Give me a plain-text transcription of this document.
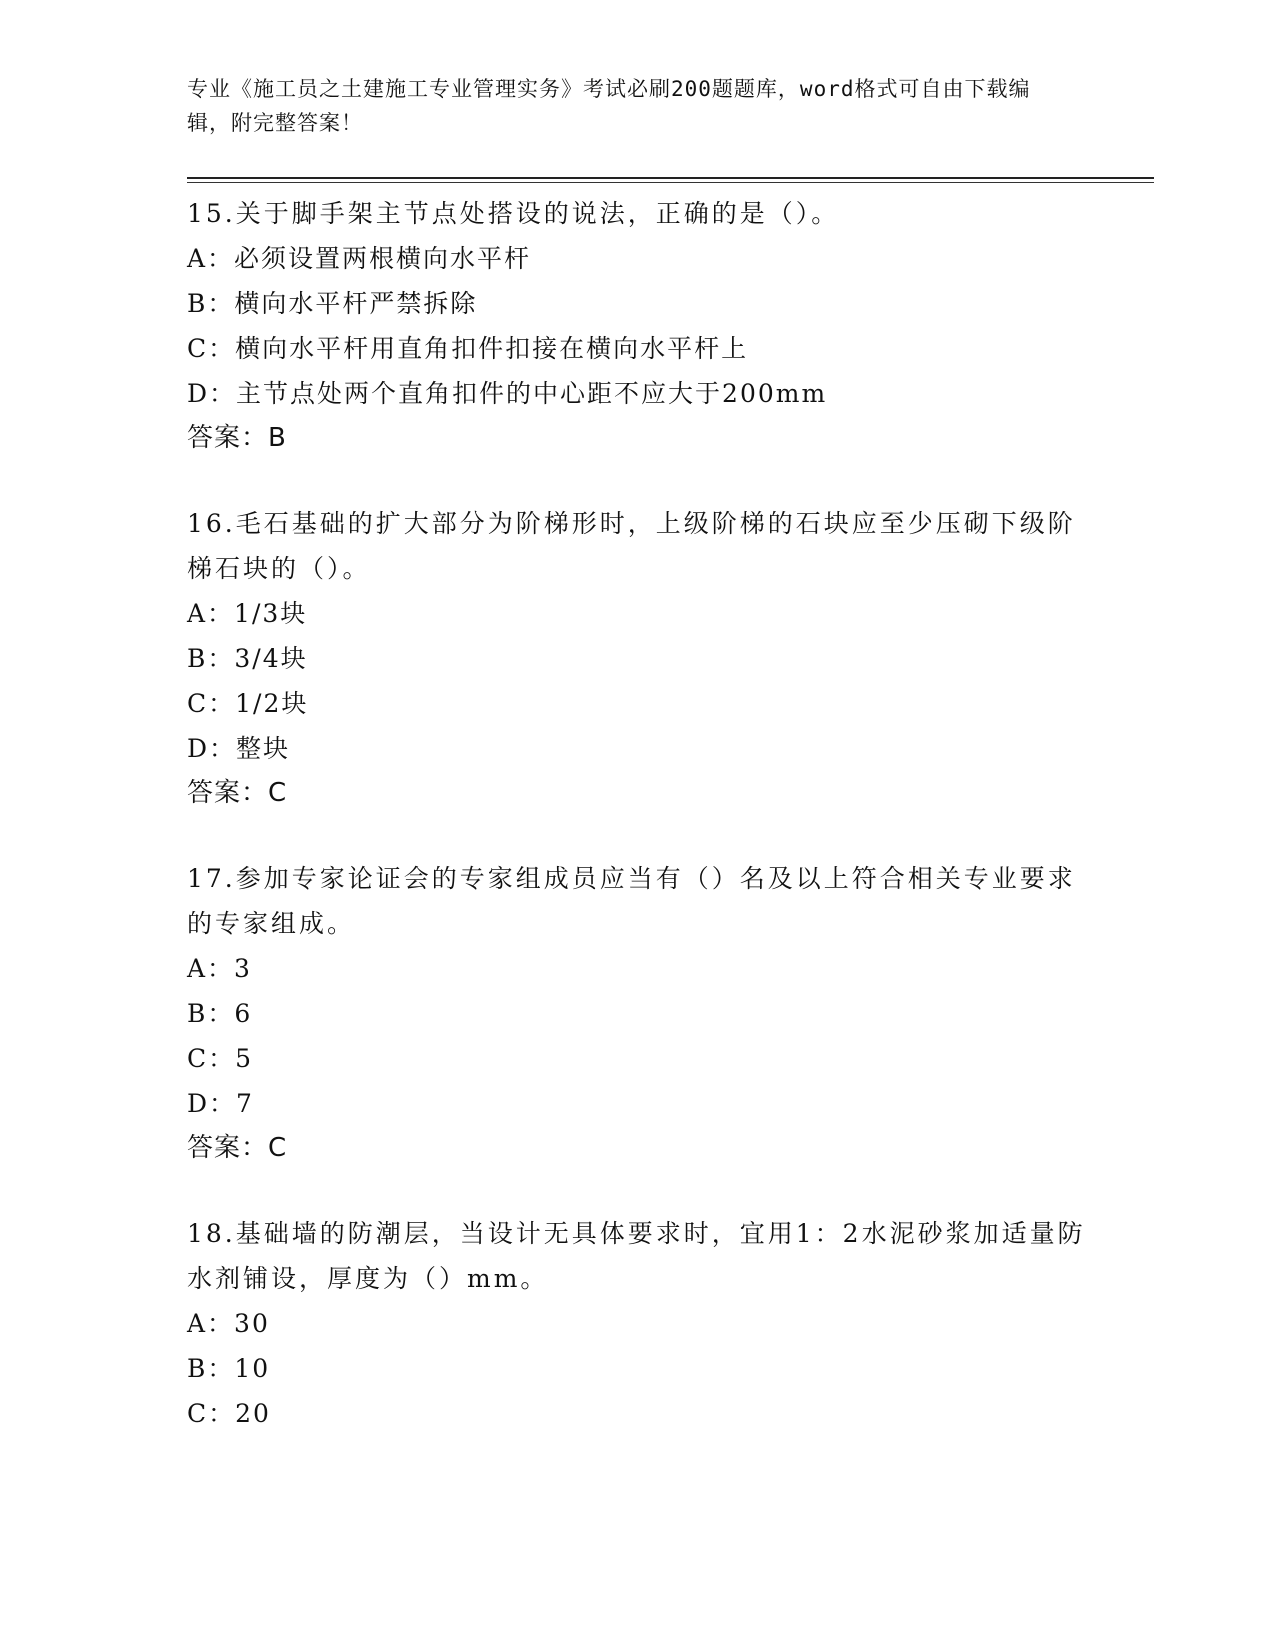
专业《施工员之土建施工专业管理实务》考试必刷200题题库，word格式可自由下载编辑，附完整答案！

15.关于脚手架主节点处搭设的说法，正确的是（）。

A：必须设置两根横向水平杆

B：横向水平杆严禁拆除

C：横向水平杆用直角扣件扣接在横向水平杆上

D：主节点处两个直角扣件的中心距不应大于200mm

答案：B

16.毛石基础的扩大部分为阶梯形时，上级阶梯的石块应至少压砌下级阶梯石块的（）。

A：1/3块

B：3/4块

C：1/2块

D：整块

答案：C

17.参加专家论证会的专家组成员应当有（）名及以上符合相关专业要求的专家组成。

A：3

B：6

C：5

D：7

答案：C

18.基础墙的防潮层，当设计无具体要求时，宜用1：2水泥砂浆加适量防水剂铺设，厚度为（）mm。

A：30

B：10

C：20
